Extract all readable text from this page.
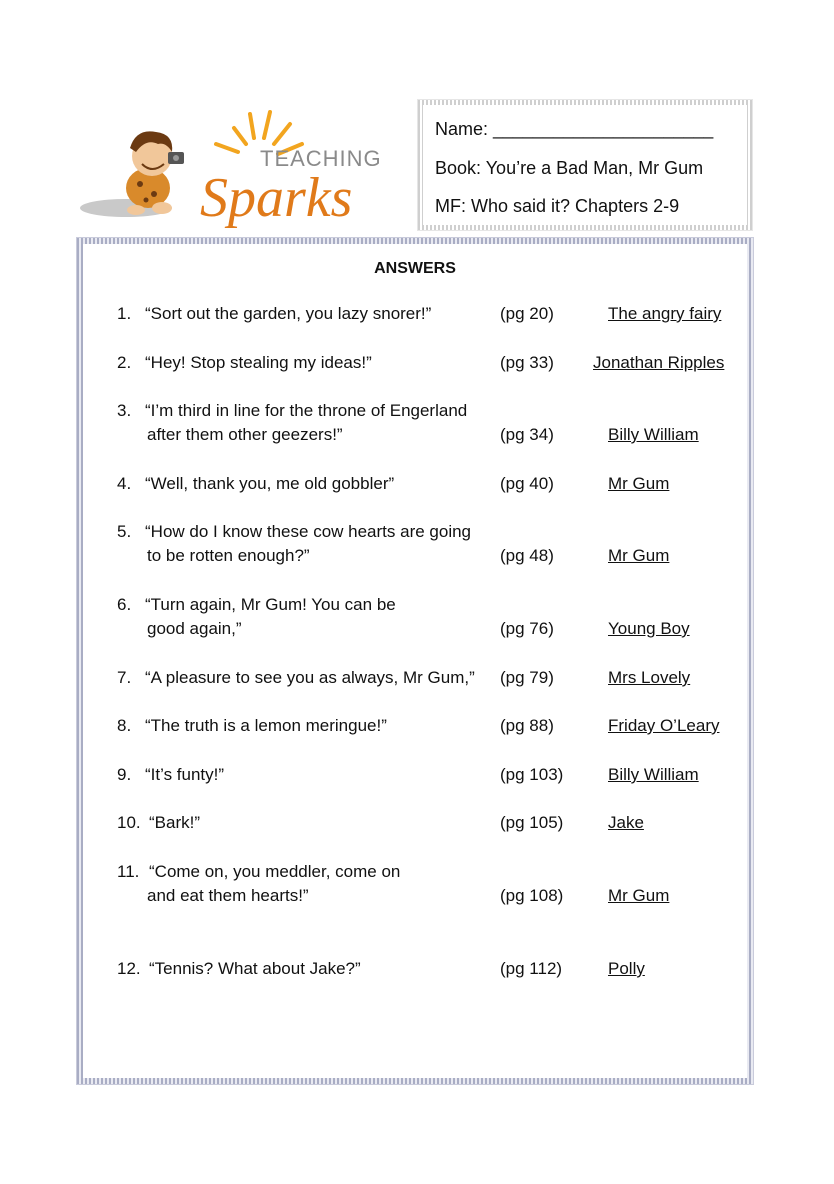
TEACHING
Sparks
Name: ______________________
Book: You’re a Bad Man, Mr Gum
MF: Who said it? Chapters 2-9
ANSWERS
1. “Sort out the garden, you lazy snorer!”	(pg 20)	The angry fairy
2. “Hey! Stop stealing my ideas!”	(pg 33) Jonathan Ripples
3. “I’m third in line for the throne of Engerland
after them other geezers!”	(pg 34)	Billy William
4. “Well, thank you, me old gobbler”	(pg 40)	Mr Gum
5. “How do I know these cow hearts are going
to be rotten enough?”	(pg 48)	Mr Gum
6. “Turn again, Mr Gum! You can be
good again,”	(pg 76)	Young Boy
7. “A pleasure to see you as always, Mr Gum,” (pg 79)	Mrs Lovely
8. “The truth is a lemon meringue!”	(pg 88)	Friday O’Leary
9. “It’s funty!”	(pg 103)	Billy William
10. “Bark!”	(pg 105)	Jake
11. “Come on, you meddler, come on
and eat them hearts!”	(pg 108)	Mr Gum
12. “Tennis? What about Jake?”	(pg 112)	Polly
